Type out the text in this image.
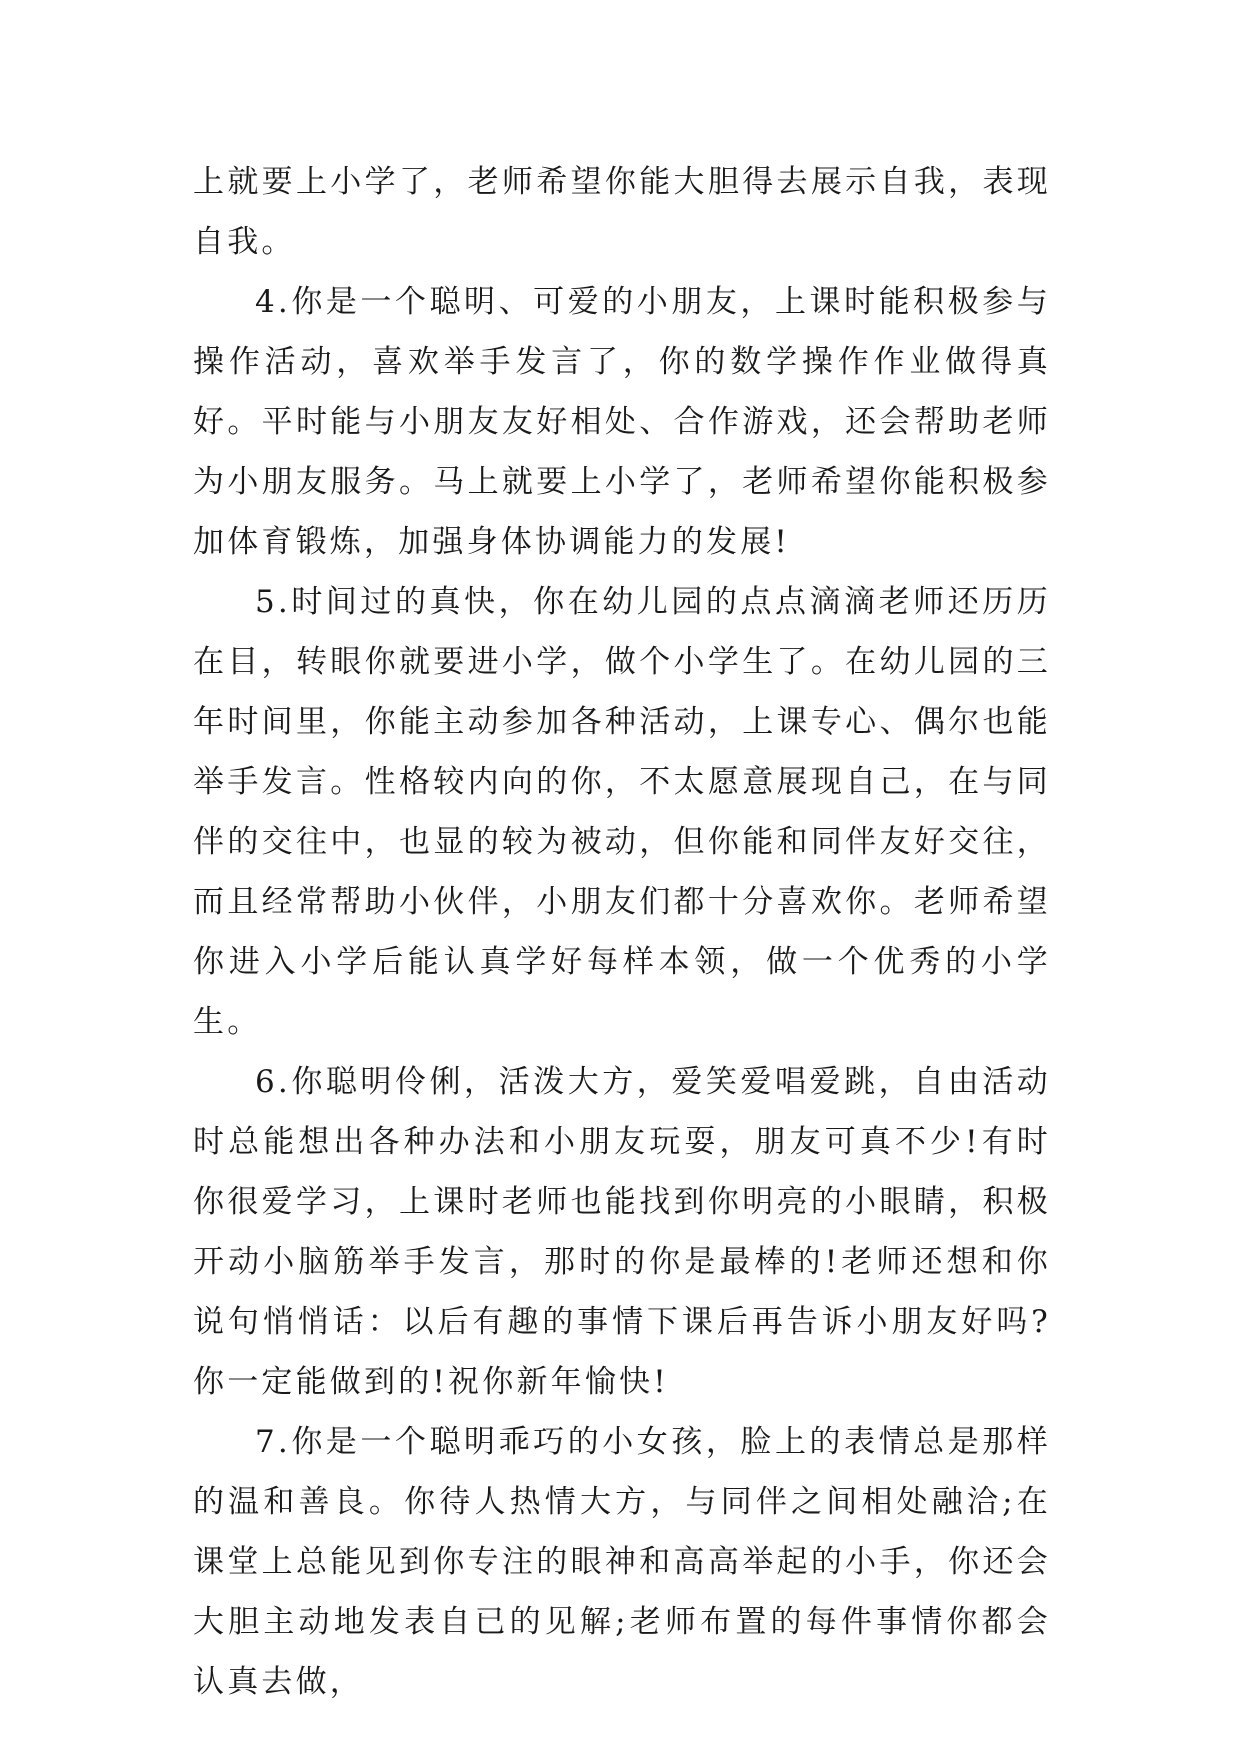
上就要上小学了，老师希望你能大胆得去展示自我，表现自我。

4.你是一个聪明、可爱的小朋友，上课时能积极参与操作活动，喜欢举手发言了，你的数学操作作业做得真好。平时能与小朋友友好相处、合作游戏，还会帮助老师为小朋友服务。马上就要上小学了，老师希望你能积极参加体育锻炼，加强身体协调能力的发展!

5.时间过的真快，你在幼儿园的点点滴滴老师还历历在目，转眼你就要进小学，做个小学生了。在幼儿园的三年时间里，你能主动参加各种活动，上课专心、偶尔也能举手发言。性格较内向的你，不太愿意展现自己，在与同伴的交往中，也显的较为被动，但你能和同伴友好交往，而且经常帮助小伙伴，小朋友们都十分喜欢你。老师希望你进入小学后能认真学好每样本领，做一个优秀的小学生。

6.你聪明伶俐，活泼大方，爱笑爱唱爱跳，自由活动时总能想出各种办法和小朋友玩耍，朋友可真不少!有时你很爱学习，上课时老师也能找到你明亮的小眼睛，积极开动小脑筋举手发言，那时的你是最棒的!老师还想和你说句悄悄话：以后有趣的事情下课后再告诉小朋友好吗?你一定能做到的!祝你新年愉快!

7.你是一个聪明乖巧的小女孩，脸上的表情总是那样的温和善良。你待人热情大方，与同伴之间相处融洽;在课堂上总能见到你专注的眼神和高高举起的小手，你还会大胆主动地发表自已的见解;老师布置的每件事情你都会认真去做，
